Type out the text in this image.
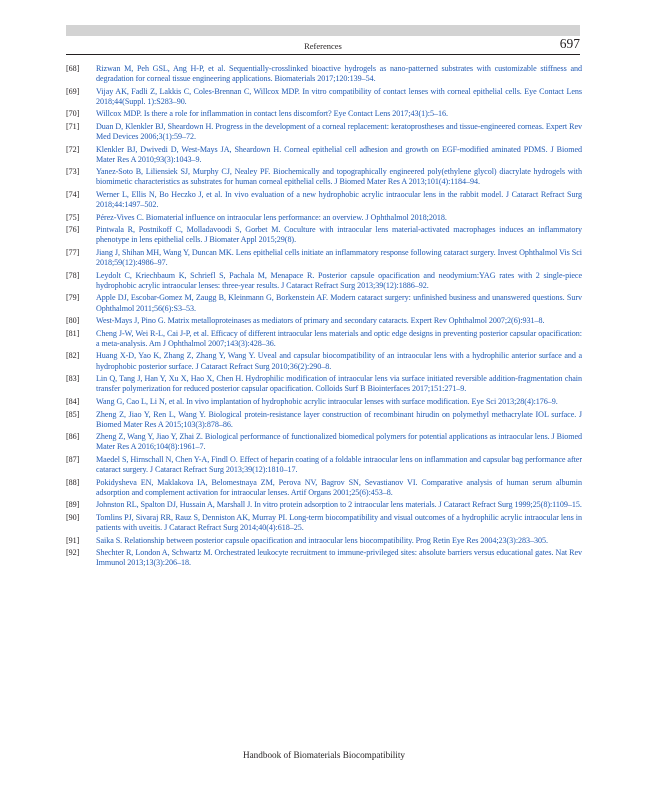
References	697
[68] Rizwan M, Peh GSL, Ang H-P, et al. Sequentially-crosslinked bioactive hydrogels as nano-patterned substrates with customizable stiffness and degradation for corneal tissue engineering applications. Biomaterials 2017;120:139–54.
[69] Vijay AK, Fadli Z, Lakkis C, Coles-Brennan C, Willcox MDP. In vitro compatibility of contact lenses with corneal epithelial cells. Eye Contact Lens 2018;44(Suppl. 1):S283–90.
[70] Willcox MDP. Is there a role for inflammation in contact lens discomfort? Eye Contact Lens 2017;43(1):5–16.
[71] Duan D, Klenkler BJ, Sheardown H. Progress in the development of a corneal replacement: keratoprostheses and tissue-engineered corneas. Expert Rev Med Devices 2006;3(1):59–72.
[72] Klenkler BJ, Dwivedi D, West-Mays JA, Sheardown H. Corneal epithelial cell adhesion and growth on EGF-modified aminated PDMS. J Biomed Mater Res A 2010;93(3):1043–9.
[73] Yanez-Soto B, Liliensiek SJ, Murphy CJ, Nealey PF. Biochemically and topographically engineered poly(ethylene glycol) diacrylate hydrogels with biomimetic characteristics as substrates for human corneal epithelial cells. J Biomed Mater Res A 2013;101(4):1184–94.
[74] Werner L, Ellis N, Bo Heczko J, et al. In vivo evaluation of a new hydrophobic acrylic intraocular lens in the rabbit model. J Cataract Refract Surg 2018;44:1497–502.
[75] Pérez-Vives C. Biomaterial influence on intraocular lens performance: an overview. J Ophthalmol 2018;2018.
[76] Pintwala R, Postnikoff C, Molladavoodi S, Gorbet M. Coculture with intraocular lens material-activated macrophages induces an inflammatory phenotype in lens epithelial cells. J Biomater Appl 2015;29(8).
[77] Jiang J, Shihan MH, Wang Y, Duncan MK. Lens epithelial cells initiate an inflammatory response following cataract surgery. Invest Ophthalmol Vis Sci 2018;59(12):4986–97.
[78] Leydolt C, Kriechbaum K, Schriefl S, Pachala M, Menapace R. Posterior capsule opacification and neodymium:YAG rates with 2 single-piece hydrophobic acrylic intraocular lenses: three-year results. J Cataract Refract Surg 2013;39(12):1886–92.
[79] Apple DJ, Escobar-Gomez M, Zaugg B, Kleinmann G, Borkenstein AF. Modern cataract surgery: unfinished business and unanswered questions. Surv Ophthalmol 2011;56(6):S3–53.
[80] West-Mays J, Pino G. Matrix metalloproteinases as mediators of primary and secondary cataracts. Expert Rev Ophthalmol 2007;2(6):931–8.
[81] Cheng J-W, Wei R-L, Cai J-P, et al. Efficacy of different intraocular lens materials and optic edge designs in preventing posterior capsular opacification: a meta-analysis. Am J Ophthalmol 2007;143(3):428–36.
[82] Huang X-D, Yao K, Zhang Z, Zhang Y, Wang Y. Uveal and capsular biocompatibility of an intraocular lens with a hydrophilic anterior surface and a hydrophobic posterior surface. J Cataract Refract Surg 2010;36(2):290–8.
[83] Lin Q, Tang J, Han Y, Xu X, Hao X, Chen H. Hydrophilic modification of intraocular lens via surface initiated reversible addition-fragmentation chain transfer polymerization for reduced posterior capsular opacification. Colloids Surf B Biointerfaces 2017;151:271–9.
[84] Wang G, Cao L, Li N, et al. In vivo implantation of hydrophobic acrylic intraocular lenses with surface modification. Eye Sci 2013;28(4):176–9.
[85] Zheng Z, Jiao Y, Ren L, Wang Y. Biological protein-resistance layer construction of recombinant hirudin on polymethyl methacrylate IOL surface. J Biomed Mater Res A 2015;103(3):878–86.
[86] Zheng Z, Wang Y, Jiao Y, Zhai Z. Biological performance of functionalized biomedical polymers for potential applications as intraocular lens. J Biomed Mater Res A 2016;104(8):1961–7.
[87] Maedel S, Hirnschall N, Chen Y-A, Findl O. Effect of heparin coating of a foldable intraocular lens on inflammation and capsular bag performance after cataract surgery. J Cataract Refract Surg 2013;39(12):1810–17.
[88] Pokidysheva EN, Maklakova IA, Belomestnaya ZM, Perova NV, Bagrov SN, Sevastianov VI. Comparative analysis of human serum albumin adsorption and complement activation for intraocular lenses. Artif Organs 2001;25(6):453–8.
[89] Johnston RL, Spalton DJ, Hussain A, Marshall J. In vitro protein adsorption to 2 intraocular lens materials. J Cataract Refract Surg 1999;25(8):1109–15.
[90] Tomlins PJ, Sivaraj RR, Rauz S, Denniston AK, Murray PI. Long-term biocompatibility and visual outcomes of a hydrophilic acrylic intraocular lens in patients with uveitis. J Cataract Refract Surg 2014;40(4):618–25.
[91] Saika S. Relationship between posterior capsule opacification and intraocular lens biocompatibility. Prog Retin Eye Res 2004;23(3):283–305.
[92] Shechter R, London A, Schwartz M. Orchestrated leukocyte recruitment to immune-privileged sites: absolute barriers versus educational gates. Nat Rev Immunol 2013;13(3):206–18.
Handbook of Biomaterials Biocompatibility
